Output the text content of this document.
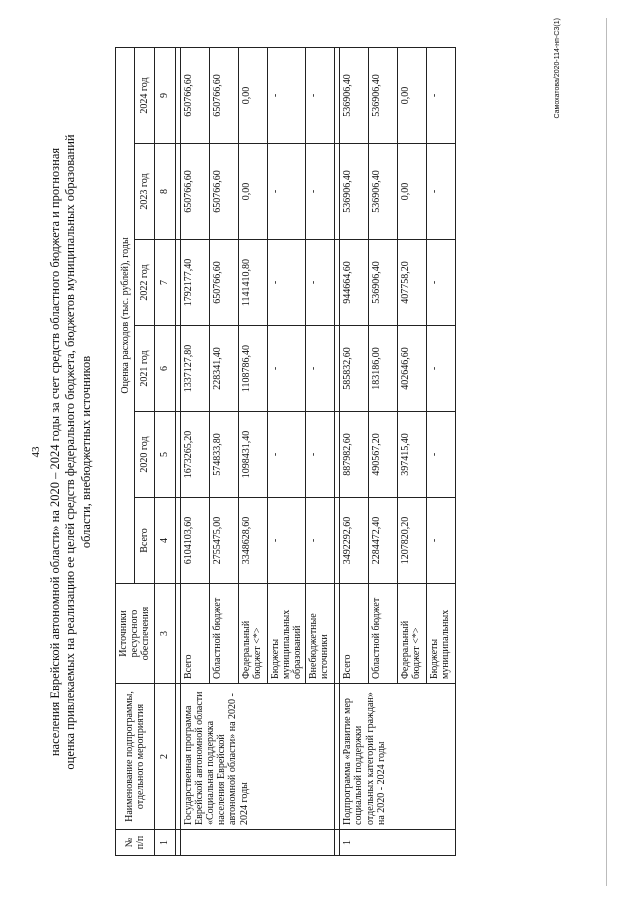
43 населения Еврейской автономной области» на 2020 – 2024 годы за счет средств областного бюджета и прогнозная оценка привлекаемых на реализацию ее целей средств федерального бюджета, бюджетов муниципальных образований области, внебюджетных источников
№ п/п	Наименование подпрограммы, отдельного мероприятия	Источники ресурсного обеспечения	Оценка расходов (тыс. рублей), годы					
			Всего	2020 год	2021 год	2022 год	2023 год	2024 год
1	2	3	4	5	6	7	8	9

	Государственная программа Еврейской автономной области «Социальная поддержка населения Еврейской автономной области» на 2020 - 2024 годы	Всего	6104103,60	1673265,20	1337127,80	1792177,40	650766,60	650766,60
		Областной бюджет	2755475,00	574833,80	228341,40	650766,60	650766,60	650766,60
		Федеральный бюджет <*>	3348628,60	1098431,40	1108786,40	1141410,80	0,00	0,00
		Бюджеты муниципальных образований	-	-	-	-	-	-
		Внебюджетные источники	-	-	-	-	-	-

1	Подпрограмма «Развитие мер социальной поддержки отдельных категорий граждан» на 2020 - 2024 годы	Всего	3492292,60	887982,60	585832,60	944664,60	536906,40	536906,40
		Областной бюджет	2284472,40	490567,20	183186,00	536906,40	536906,40	536906,40
		Федеральный бюджет <*>	1207820,20	397415,40	402646,60	407758,20	0,00	0,00
		Бюджеты муниципальных	-	-	-	-	-	-	Самохатова/2020-114-нп-СЗ(1)
